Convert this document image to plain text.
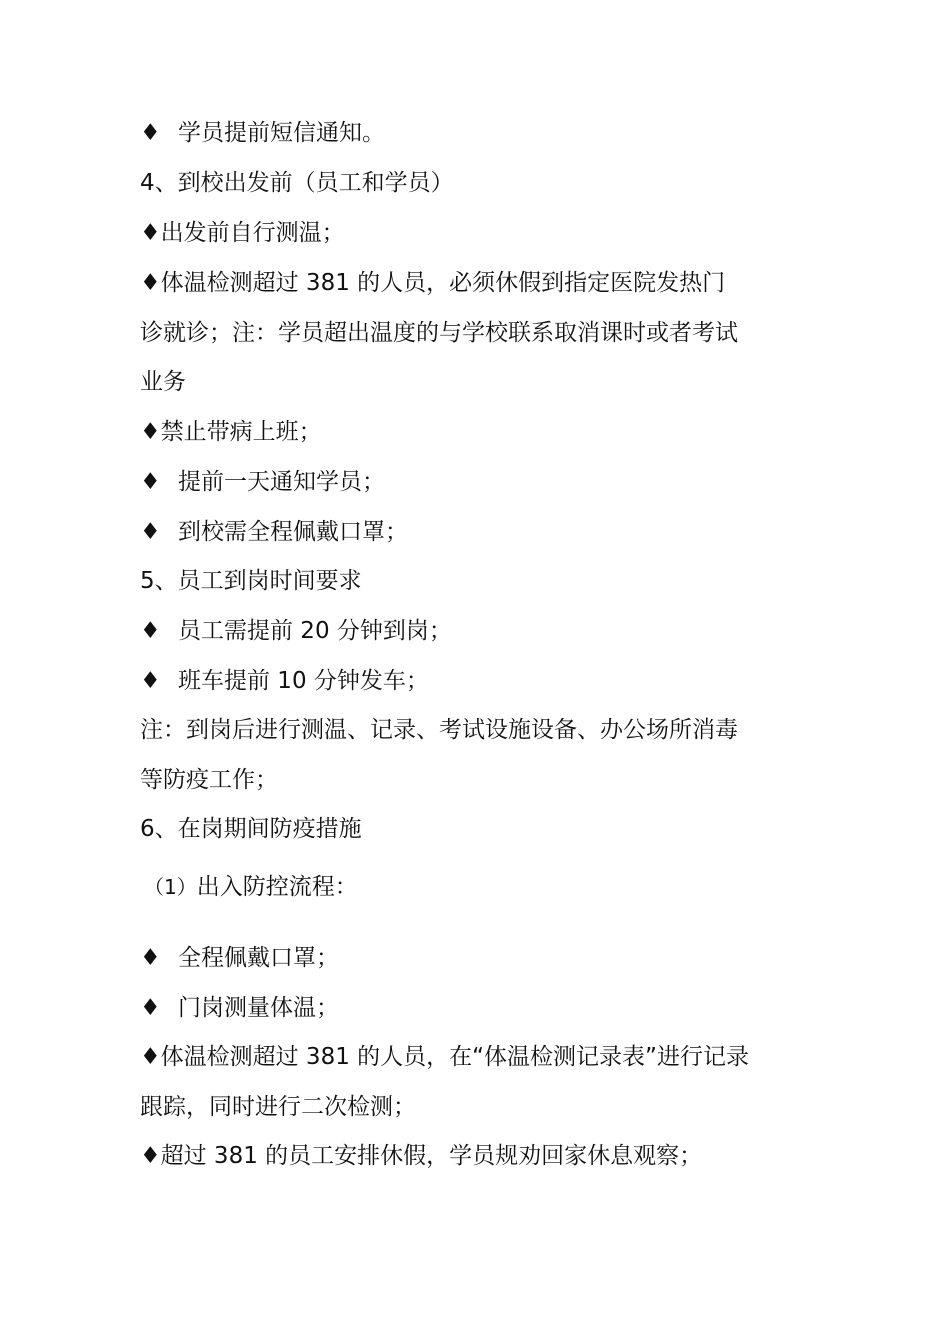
♦ 学员提前短信通知。
4、到校出发前（员工和学员）
♦出发前自行测温；
♦体温检测超过 381 的人员，必须休假到指定医院发热门
诊就诊；注：学员超出温度的与学校联系取消课时或者考试
业务
♦禁止带病上班；
♦ 提前一天通知学员；
♦ 到校需全程佩戴口罩；
5、员工到岗时间要求
♦ 员工需提前 20 分钟到岗；
♦ 班车提前 10 分钟发车；
注：到岗后进行测温、记录、考试设施设备、办公场所消毒
等防疫工作；
6、在岗期间防疫措施
（1）出入防控流程：
♦ 全程佩戴口罩；
♦ 门岗测量体温；
♦体温检测超过 381 的人员，在“体温检测记录表”进行记录
跟踪，同时进行二次检测；
♦超过 381 的员工安排休假，学员规劝回家休息观察；
